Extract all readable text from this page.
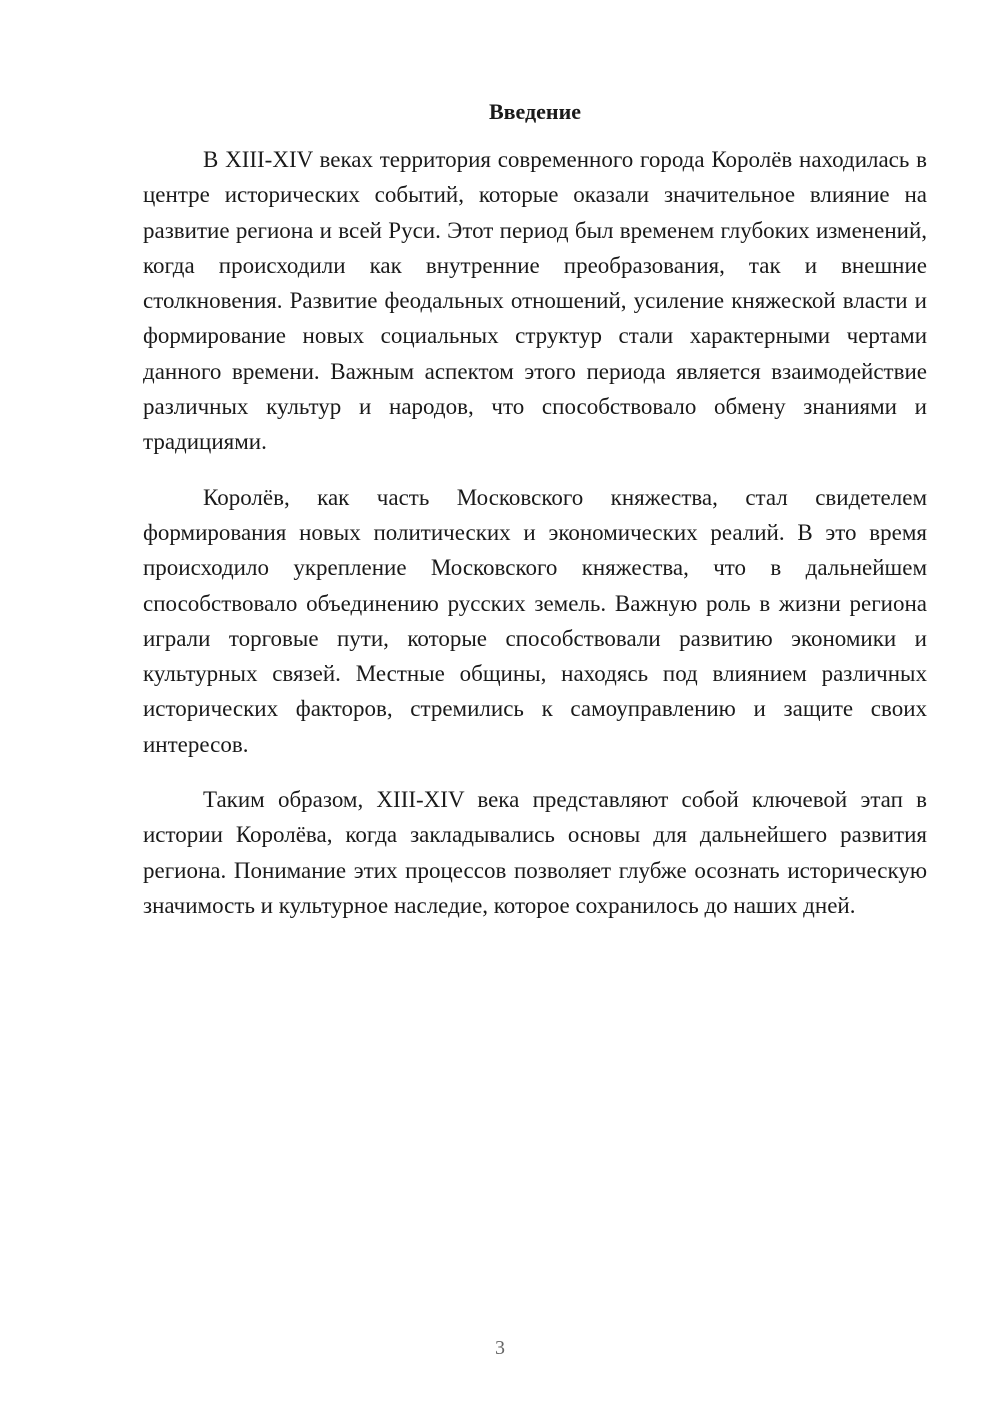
Введение

В XIII-XIV веках территория современного города Королёв находилась в центре исторических событий, которые оказали значительное влияние на развитие региона и всей Руси. Этот период был временем глубоких изменений, когда происходили как внутренние преобразования, так и внешние столкновения. Развитие феодальных отношений, усиление княжеской власти и формирование новых социальных структур стали характерными чертами данного времени. Важным аспектом этого периода является взаимодействие различных культур и народов, что способствовало обмену знаниями и традициями.

Королёв, как часть Московского княжества, стал свидетелем формирования новых политических и экономических реалий. В это время происходило укрепление Московского княжества, что в дальнейшем способствовало объединению русских земель. Важную роль в жизни региона играли торговые пути, которые способствовали развитию экономики и культурных связей. Местные общины, находясь под влиянием различных исторических факторов, стремились к самоуправлению и защите своих интересов.

Таким образом, XIII-XIV века представляют собой ключевой этап в истории Королёва, когда закладывались основы для дальнейшего развития региона. Понимание этих процессов позволяет глубже осознать историческую значимость и культурное наследие, которое сохранилось до наших дней.

3
